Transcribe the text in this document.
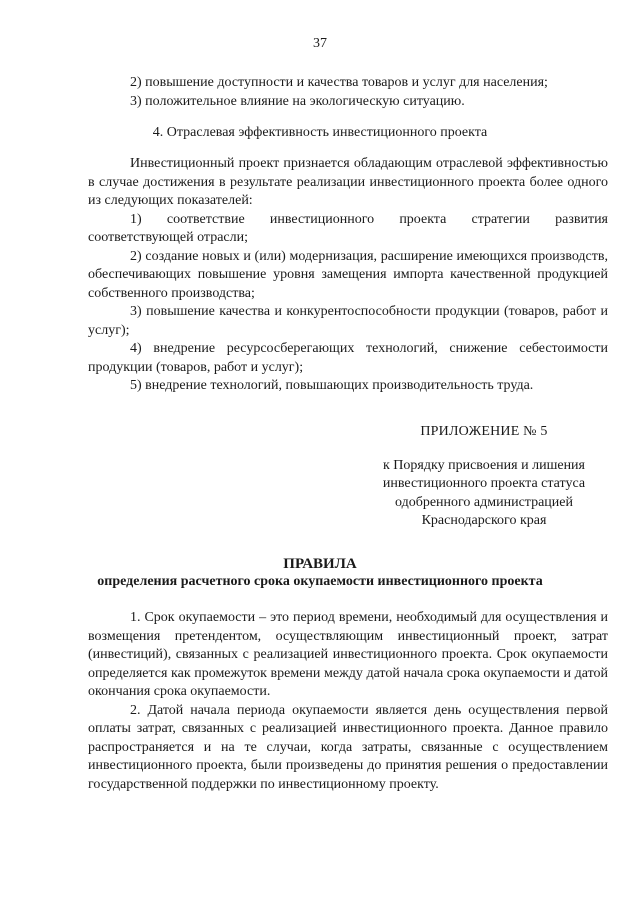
37

2) повышение доступности и качества товаров и услуг для населения;

3) положительное влияние на экологическую ситуацию.

4. Отраслевая эффективность инвестиционного проекта

Инвестиционный проект признается обладающим отраслевой эффективностью в случае достижения в результате реализации инвестиционного проекта более одного из следующих показателей:

1) соответствие инвестиционного проекта стратегии развития соответствующей отрасли;

2) создание новых и (или) модернизация, расширение имеющихся производств, обеспечивающих повышение уровня замещения импорта качественной продукцией собственного производства;

3) повышение качества и конкурентоспособности продукции (товаров, работ и услуг);

4) внедрение ресурсосберегающих технологий, снижение себестоимости продукции (товаров, работ и услуг);

5) внедрение технологий, повышающих производительность труда.

ПРИЛОЖЕНИЕ № 5
к Порядку присвоения и лишения
инвестиционного проекта статуса
одобренного администрацией
Краснодарского края
ПРАВИЛА
определения расчетного срока окупаемости инвестиционного проекта

1. Срок окупаемости – это период времени, необходимый для осуществления и возмещения претендентом, осуществляющим инвестиционный проект, затрат (инвестиций), связанных с реализацией инвестиционного проекта. Срок окупаемости определяется как промежуток времени между датой начала срока окупаемости и датой окончания срока окупаемости.

2. Датой начала периода окупаемости является день осуществления первой оплаты затрат, связанных с реализацией инвестиционного проекта. Данное правило распространяется и на те случаи, когда затраты, связанные с осуществлением инвестиционного проекта, были произведены до принятия решения о предоставлении государственной поддержки по инвестиционному проекту.
